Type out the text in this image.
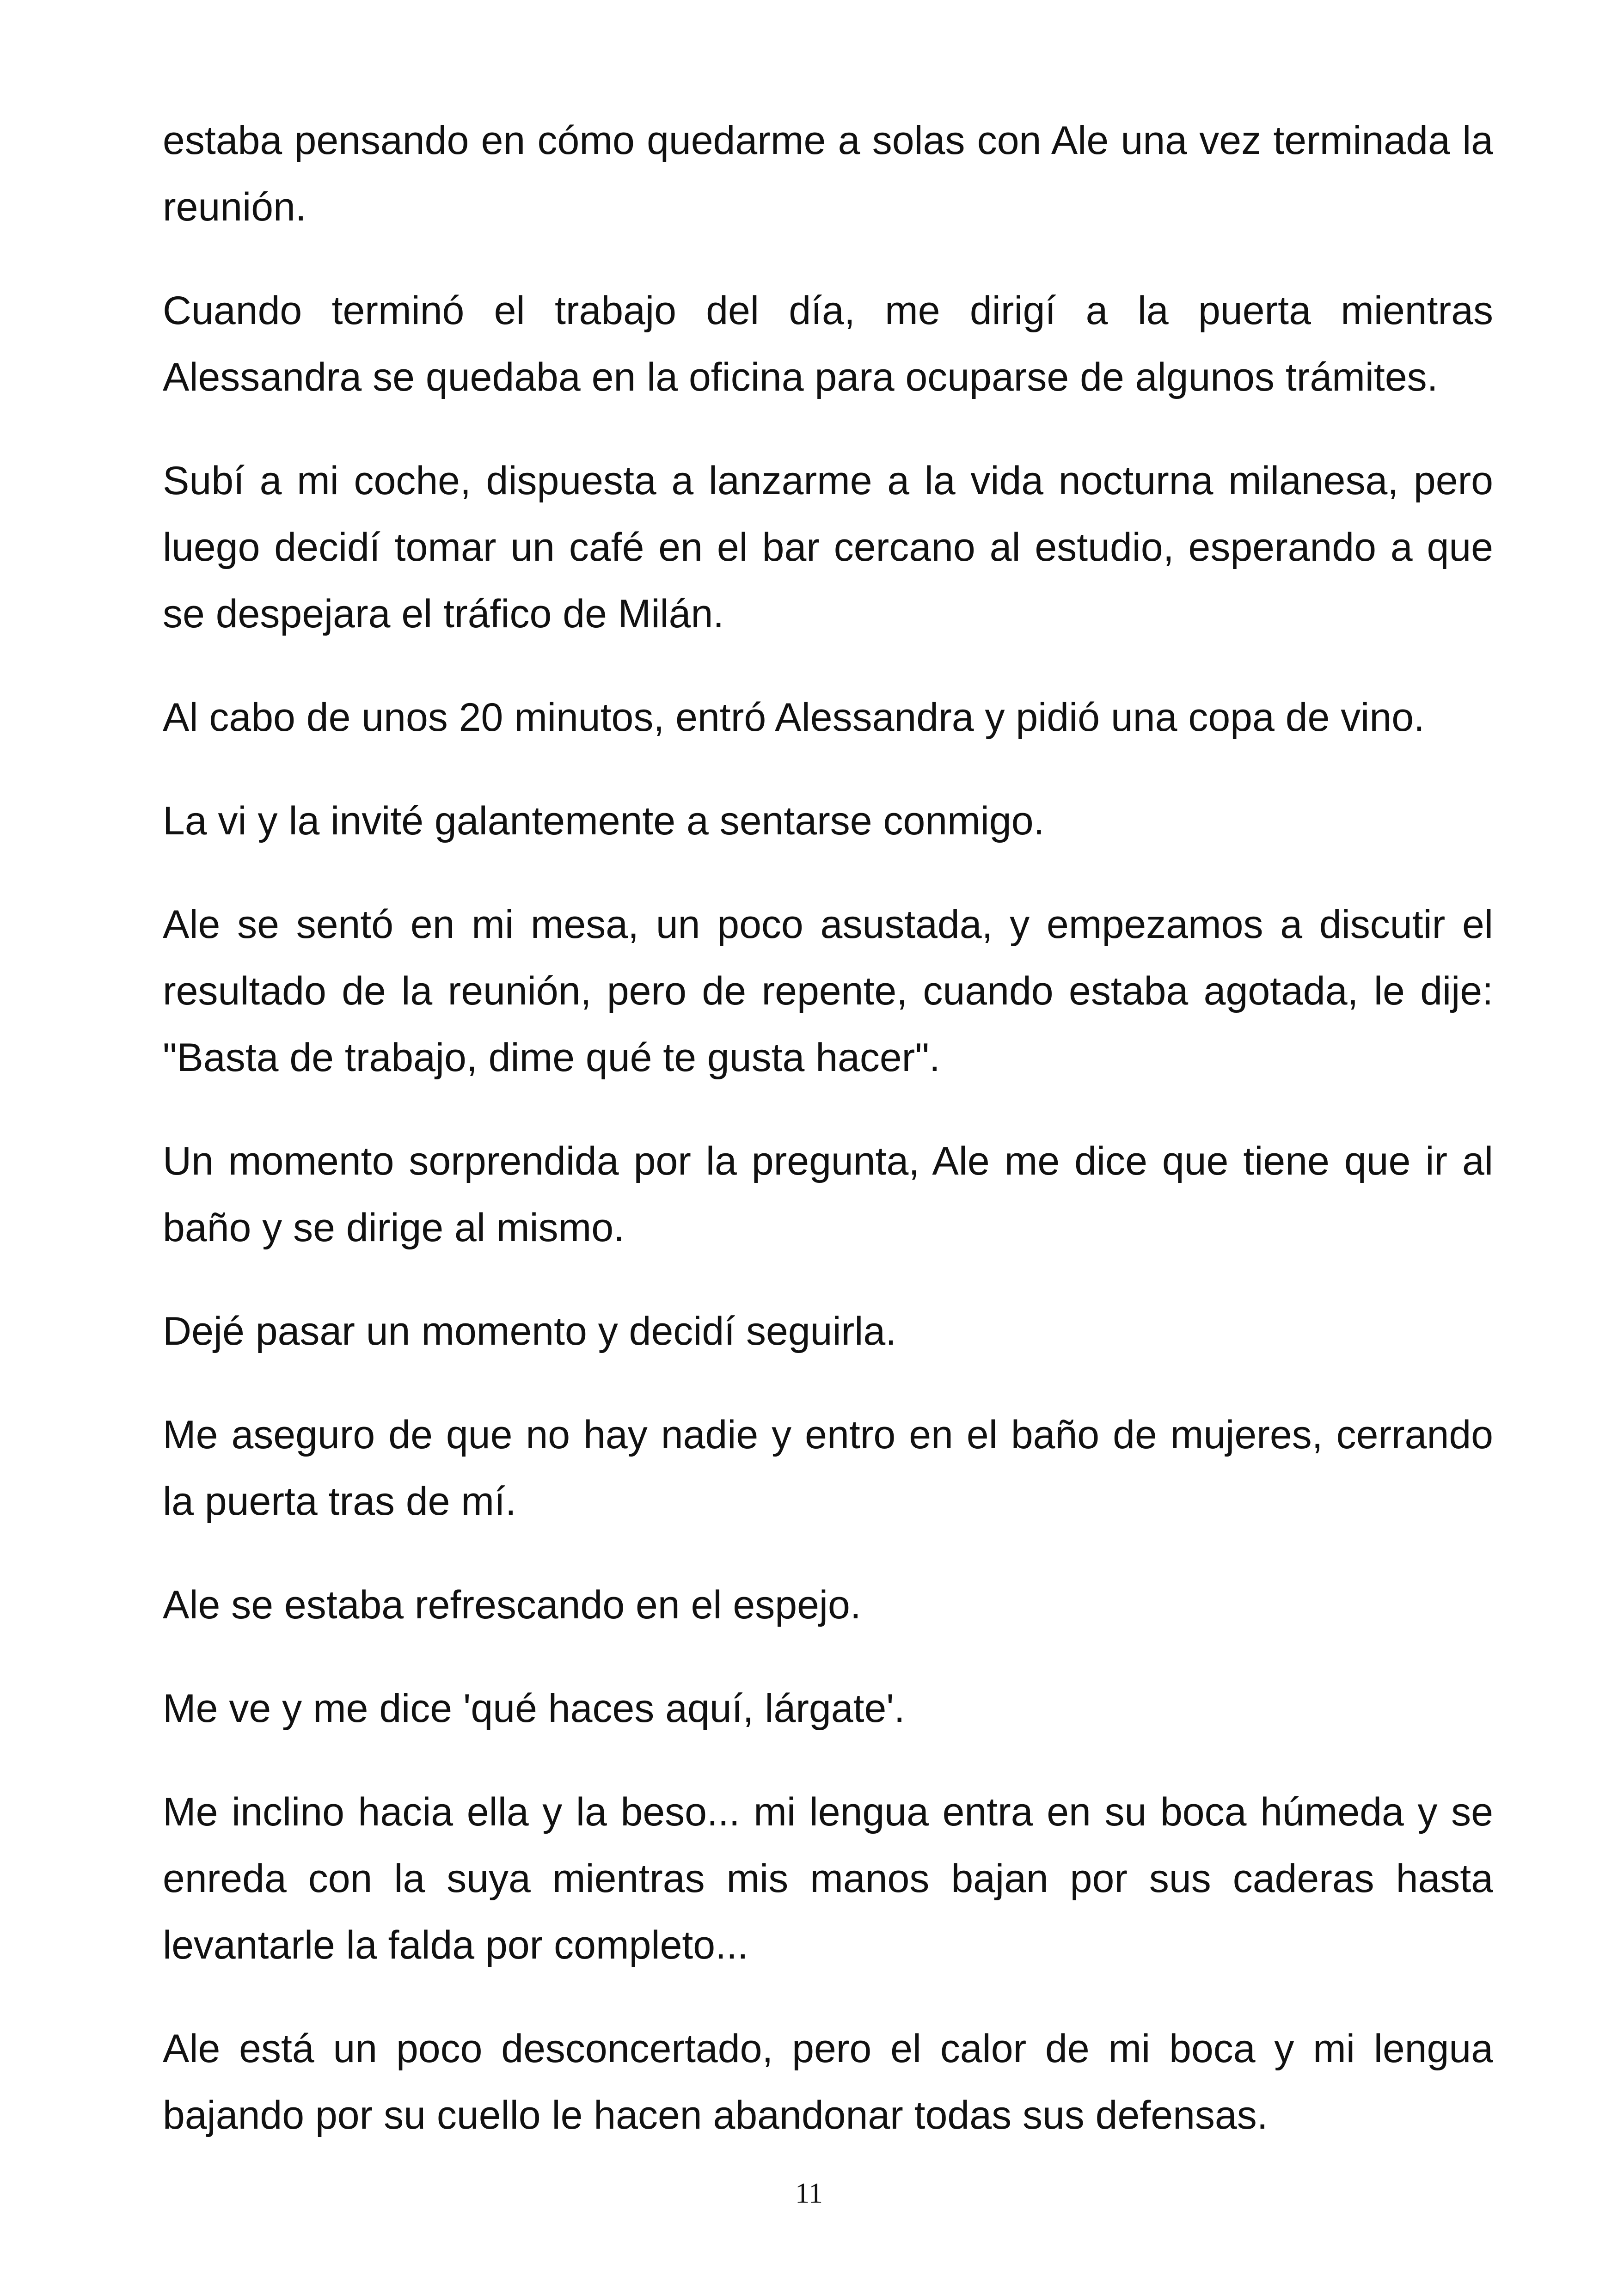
estaba pensando en cómo quedarme a solas con Ale una vez terminada la reunión.

Cuando terminó el trabajo del día, me dirigí a la puerta mientras Alessandra se quedaba en la oficina para ocuparse de algunos trámites.

Subí a mi coche, dispuesta a lanzarme a la vida nocturna milanesa, pero luego decidí tomar un café en el bar cercano al estudio, esperando a que se despejara el tráfico de Milán.

Al cabo de unos 20 minutos, entró Alessandra y pidió una copa de vino.

La vi y la invité galantemente a sentarse conmigo.

Ale se sentó en mi mesa, un poco asustada, y empezamos a discutir el resultado de la reunión, pero de repente, cuando estaba agotada, le dije: "Basta de trabajo, dime qué te gusta hacer".

Un momento sorprendida por la pregunta, Ale me dice que tiene que ir al baño y se dirige al mismo.

Dejé pasar un momento y decidí seguirla.

Me aseguro de que no hay nadie y entro en el baño de mujeres, cerrando la puerta tras de mí.

Ale se estaba refrescando en el espejo.

Me ve y me dice 'qué haces aquí, lárgate'.

Me inclino hacia ella y la beso... mi lengua entra en su boca húmeda y se enreda con la suya mientras mis manos bajan por sus caderas hasta levantarle la falda por completo...

Ale está un poco desconcertado, pero el calor de mi boca y mi lengua bajando por su cuello le hacen abandonar todas sus defensas.

11
